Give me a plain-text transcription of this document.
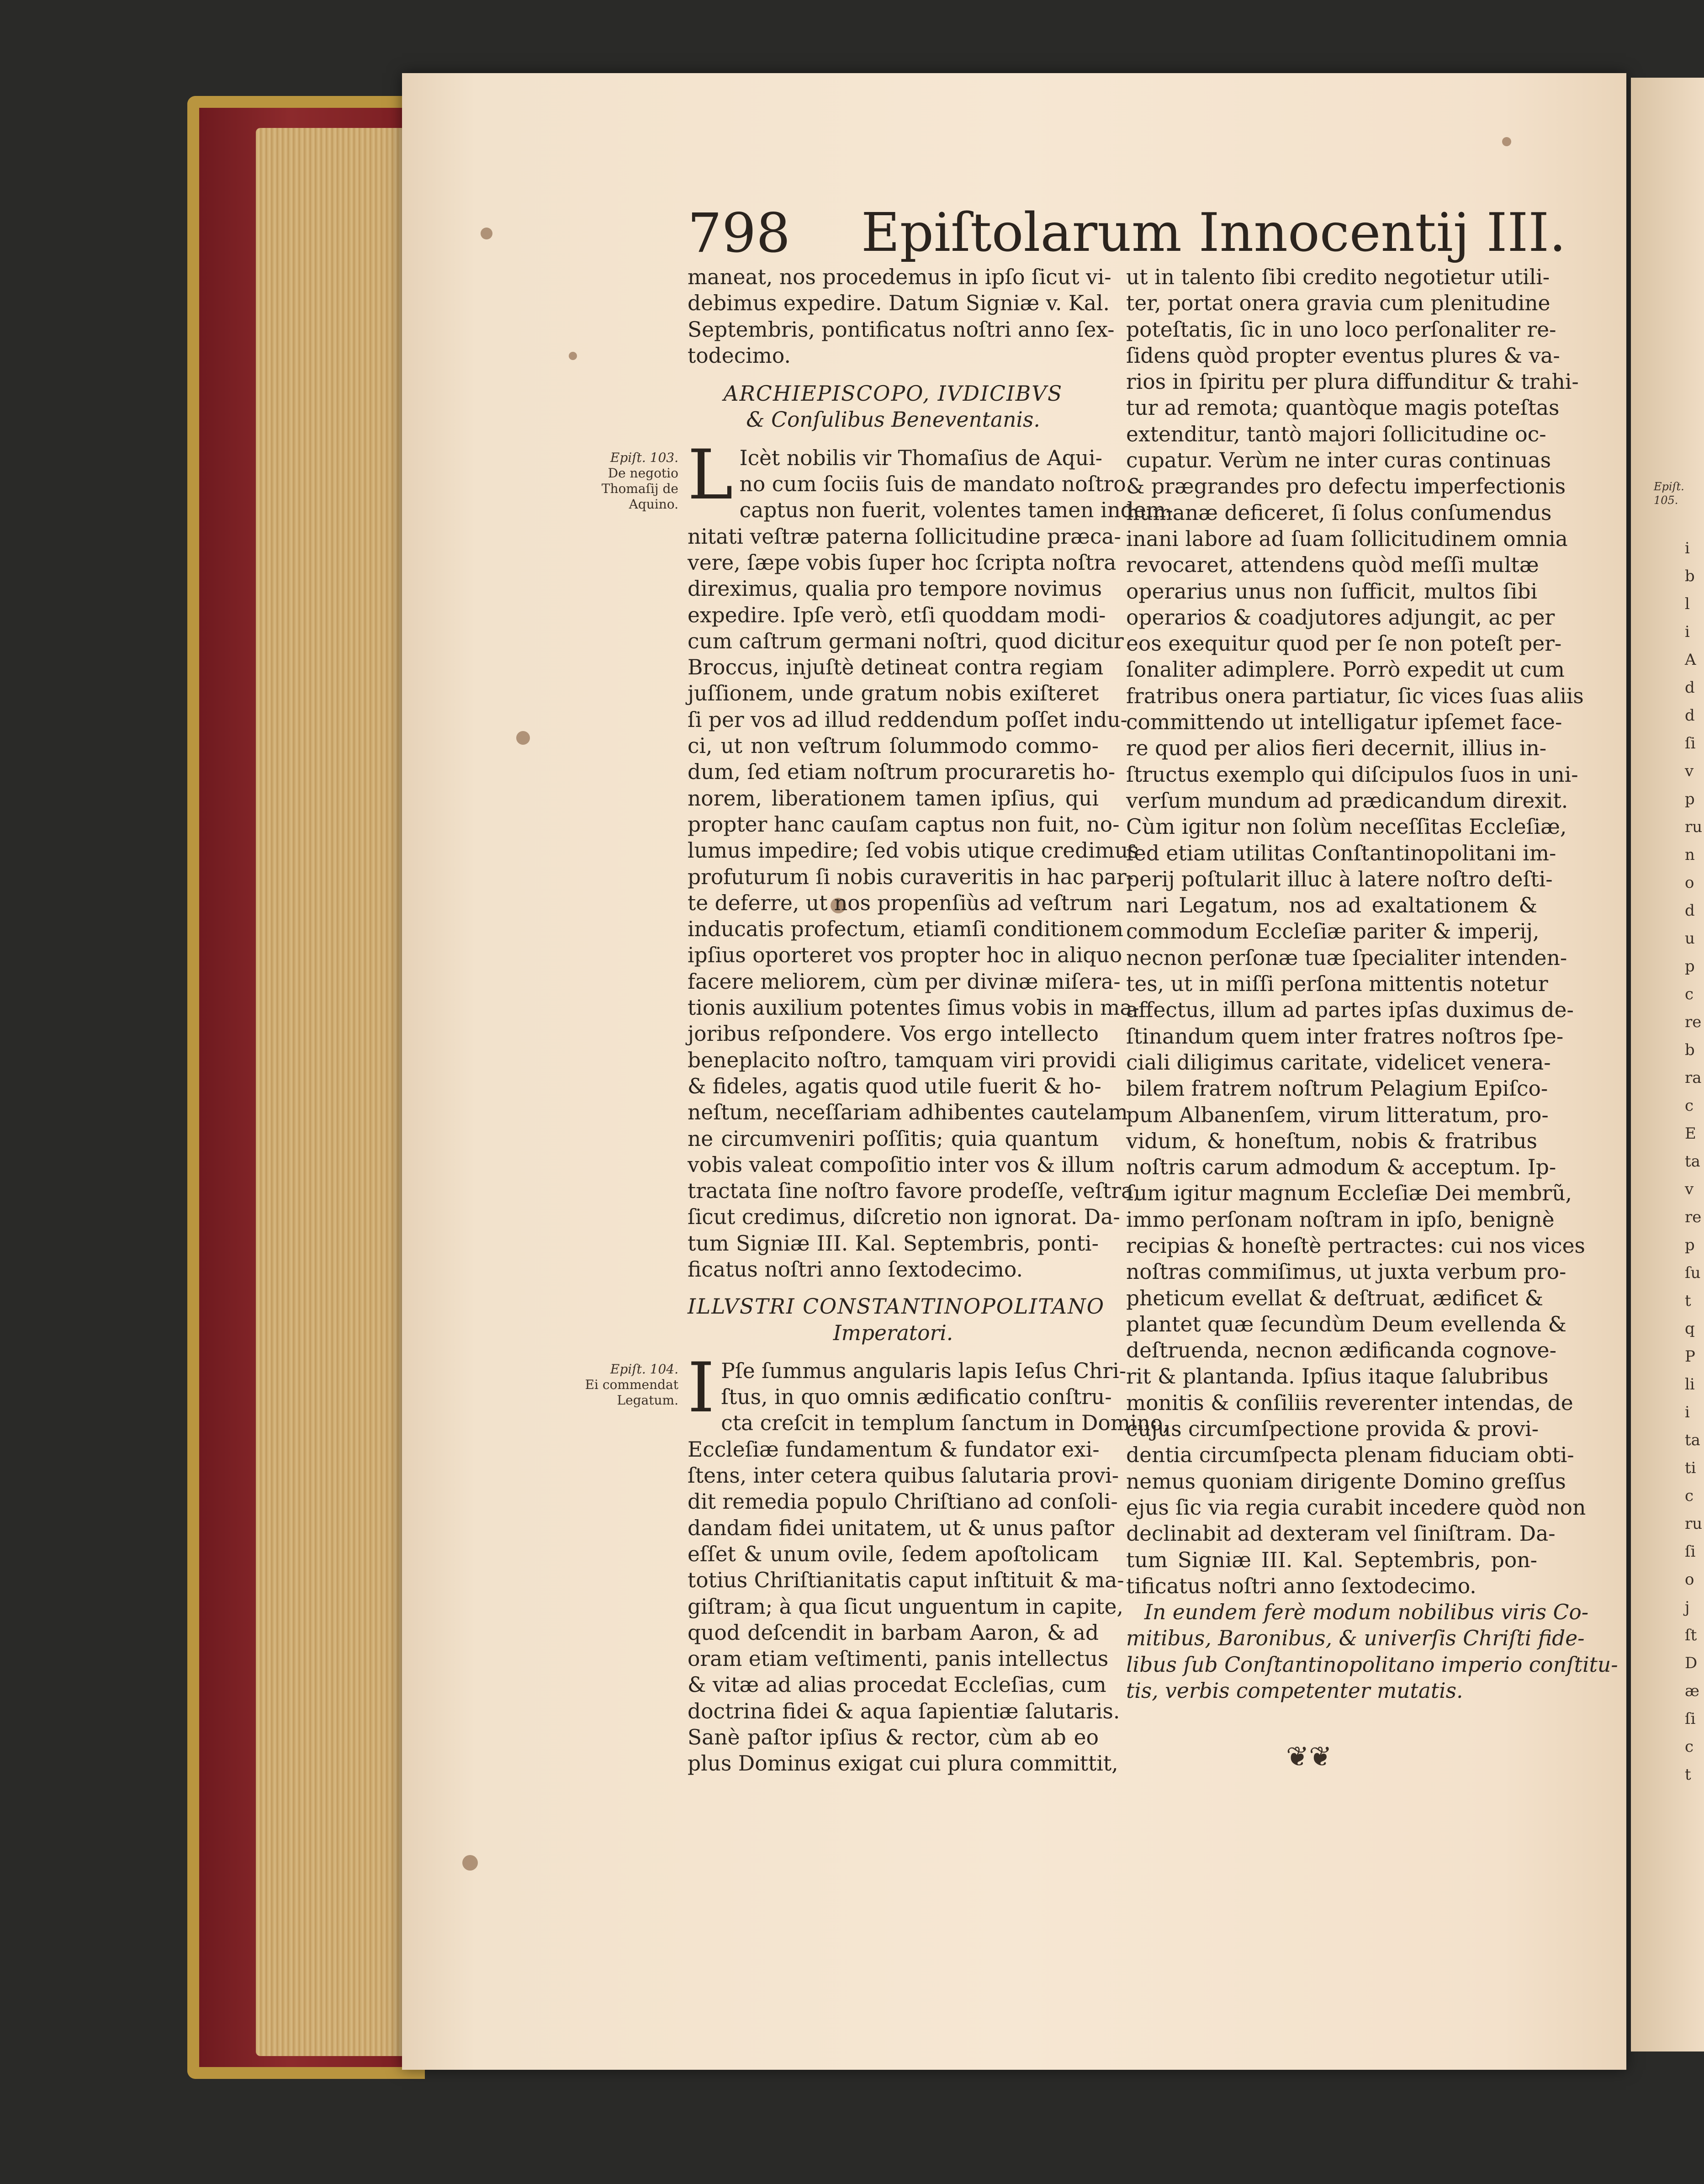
Epiſt. 105.
i
b
l
i
A
d
d
ſi
v
p
ru
n
o
d
u
p
c
re
b
ra
c
E
ta
v
re
p
ſu
t
q
P
li
i
ta
ti
c
ru
ſi
o
j
ſt
D
æ
ſi
c
t
798 Epiſtolarum Innocentij III.
Epiſt. 103.
De negotio
Thomaſij de
Aquino.
Epiſt. 104.
Ei commendat
Legatum.
maneat, nos procedemus in ipſo ſicut vi-
debimus expedire. Datum Signiæ v. Kal.
Septembris, pontificatus noſtri anno ſex-
todecimo.
ARCHIEPISCOPO, IVDICIBVS
& Conſulibus Beneventanis.
L Icèt nobilis vir Thomaſius de Aqui-
no cum ſociis ſuis de mandato noſtro
captus non fuerit, volentes tamen indem-
nitati veſtræ paterna ſollicitudine præca-
vere, ſæpe vobis ſuper hoc ſcripta noſtra
direximus, qualia pro tempore novimus
expedire. Ipſe verò, etſi quoddam modi-
cum caſtrum germani noſtri, quod dicitur
Broccus, injuſtè detineat contra regiam
juſſionem, unde gratum nobis exiſteret
ſi per vos ad illud reddendum poſſet indu-
ci, ut non veſtrum ſolummodo commo-
dum, ſed etiam noſtrum procuraretis ho-
norem, liberationem tamen ipſius, qui
propter hanc cauſam captus non fuit, no-
lumus impedire; ſed vobis utique credimus
profuturum ſi nobis curaveritis in hac par-
te deferre, ut nos propenſiùs ad veſtrum
inducatis profectum, etiamſi conditionem
ipſius oporteret vos propter hoc in aliquo
facere meliorem, cùm per divinæ miſera-
tionis auxilium potentes ſimus vobis in ma-
joribus reſpondere. Vos ergo intellecto
beneplacito noſtro, tamquam viri providi
& fideles, agatis quod utile fuerit & ho-
neſtum, neceſſariam adhibentes cautelam
ne circumveniri poſſitis; quia quantum
vobis valeat compoſitio inter vos & illum
tractata ſine noſtro favore prodeſſe, veſtra,
ſicut credimus, diſcretio non ignorat. Da-
tum Signiæ III. Kal. Septembris, ponti-
ficatus noſtri anno ſextodecimo.
ILLVSTRI CONSTANTINOPOLITANO
Imperatori.
I Pſe ſummus angularis lapis Ieſus Chri-
ſtus, in quo omnis ædificatio conſtru-
cta creſcit in templum ſanctum in Domino,
Eccleſiæ fundamentum & fundator exi-
ſtens, inter cetera quibus ſalutaria provi-
dit remedia populo Chriſtiano ad conſoli-
dandam fidei unitatem, ut & unus paſtor
eſſet & unum ovile, ſedem apoſtolicam
totius Chriſtianitatis caput inſtituit & ma-
giſtram; à qua ſicut unguentum in capite,
quod deſcendit in barbam Aaron, & ad
oram etiam veſtimenti, panis intellectus
& vitæ ad alias procedat Eccleſias, cum
doctrina fidei & aqua ſapientiæ ſalutaris.
Sanè paſtor ipſius & rector, cùm ab eo
plus Dominus exigat cui plura committit,
ut in talento ſibi credito negotietur utili-
ter, portat onera gravia cum plenitudine
poteſtatis, ſic in uno loco perſonaliter re-
ſidens quòd propter eventus plures & va-
rios in ſpiritu per plura diffunditur & trahi-
tur ad remota; quantòque magis poteſtas
extenditur, tantò majori ſollicitudine oc-
cupatur. Verùm ne inter curas continuas
& prægrandes pro defectu imperfectionis
humanæ deficeret, ſi ſolus conſumendus
inani labore ad ſuam ſollicitudinem omnia
revocaret, attendens quòd meſſi multæ
operarius unus non ſufficit, multos ſibi
operarios & coadjutores adjungit, ac per
eos exequitur quod per ſe non poteſt per-
ſonaliter adimplere. Porrò expedit ut cum
fratribus onera partiatur, ſic vices ſuas aliis
committendo ut intelligatur ipſemet face-
re quod per alios fieri decernit, illius in-
ſtructus exemplo qui diſcipulos ſuos in uni-
verſum mundum ad prædicandum direxit.
Cùm igitur non ſolùm neceſſitas Eccleſiæ,
ſed etiam utilitas Conſtantinopolitani im-
perij poſtularit illuc à latere noſtro deſti-
nari Legatum, nos ad exaltationem &
commodum Eccleſiæ pariter & imperij,
necnon perſonæ tuæ ſpecialiter intenden-
tes, ut in miſſi perſona mittentis notetur
affectus, illum ad partes ipſas duximus de-
ſtinandum quem inter fratres noſtros ſpe-
ciali diligimus caritate, videlicet venera-
bilem fratrem noſtrum Pelagium Epiſco-
pum Albanenſem, virum litteratum, pro-
vidum, & honeſtum, nobis & fratribus
noſtris carum admodum & acceptum. Ip-
ſum igitur magnum Eccleſiæ Dei membrũ,
immo perſonam noſtram in ipſo, benignè
recipias & honeſtè pertractes: cui nos vices
noſtras commiſimus, ut juxta verbum pro-
pheticum evellat & deſtruat, ædificet &
plantet quæ ſecundùm Deum evellenda &
deſtruenda, necnon ædificanda cognove-
rit & plantanda. Ipſius itaque ſalubribus
monitis & conſiliis reverenter intendas, de
cujus circumſpectione provida & provi-
dentia circumſpecta plenam fiduciam obti-
nemus quoniam dirigente Domino greſſus
ejus ſic via regia curabit incedere quòd non
declinabit ad dexteram vel ſiniſtram. Da-
tum Signiæ III. Kal. Septembris, pon-
tificatus noſtri anno ſextodecimo.
In eundem ferè modum nobilibus viris Co-
mitibus, Baronibus, & univerſis Chriſti fide-
libus ſub Conſtantinopolitano imperio conſtitu-
tis, verbis competenter mutatis.
❦❦
